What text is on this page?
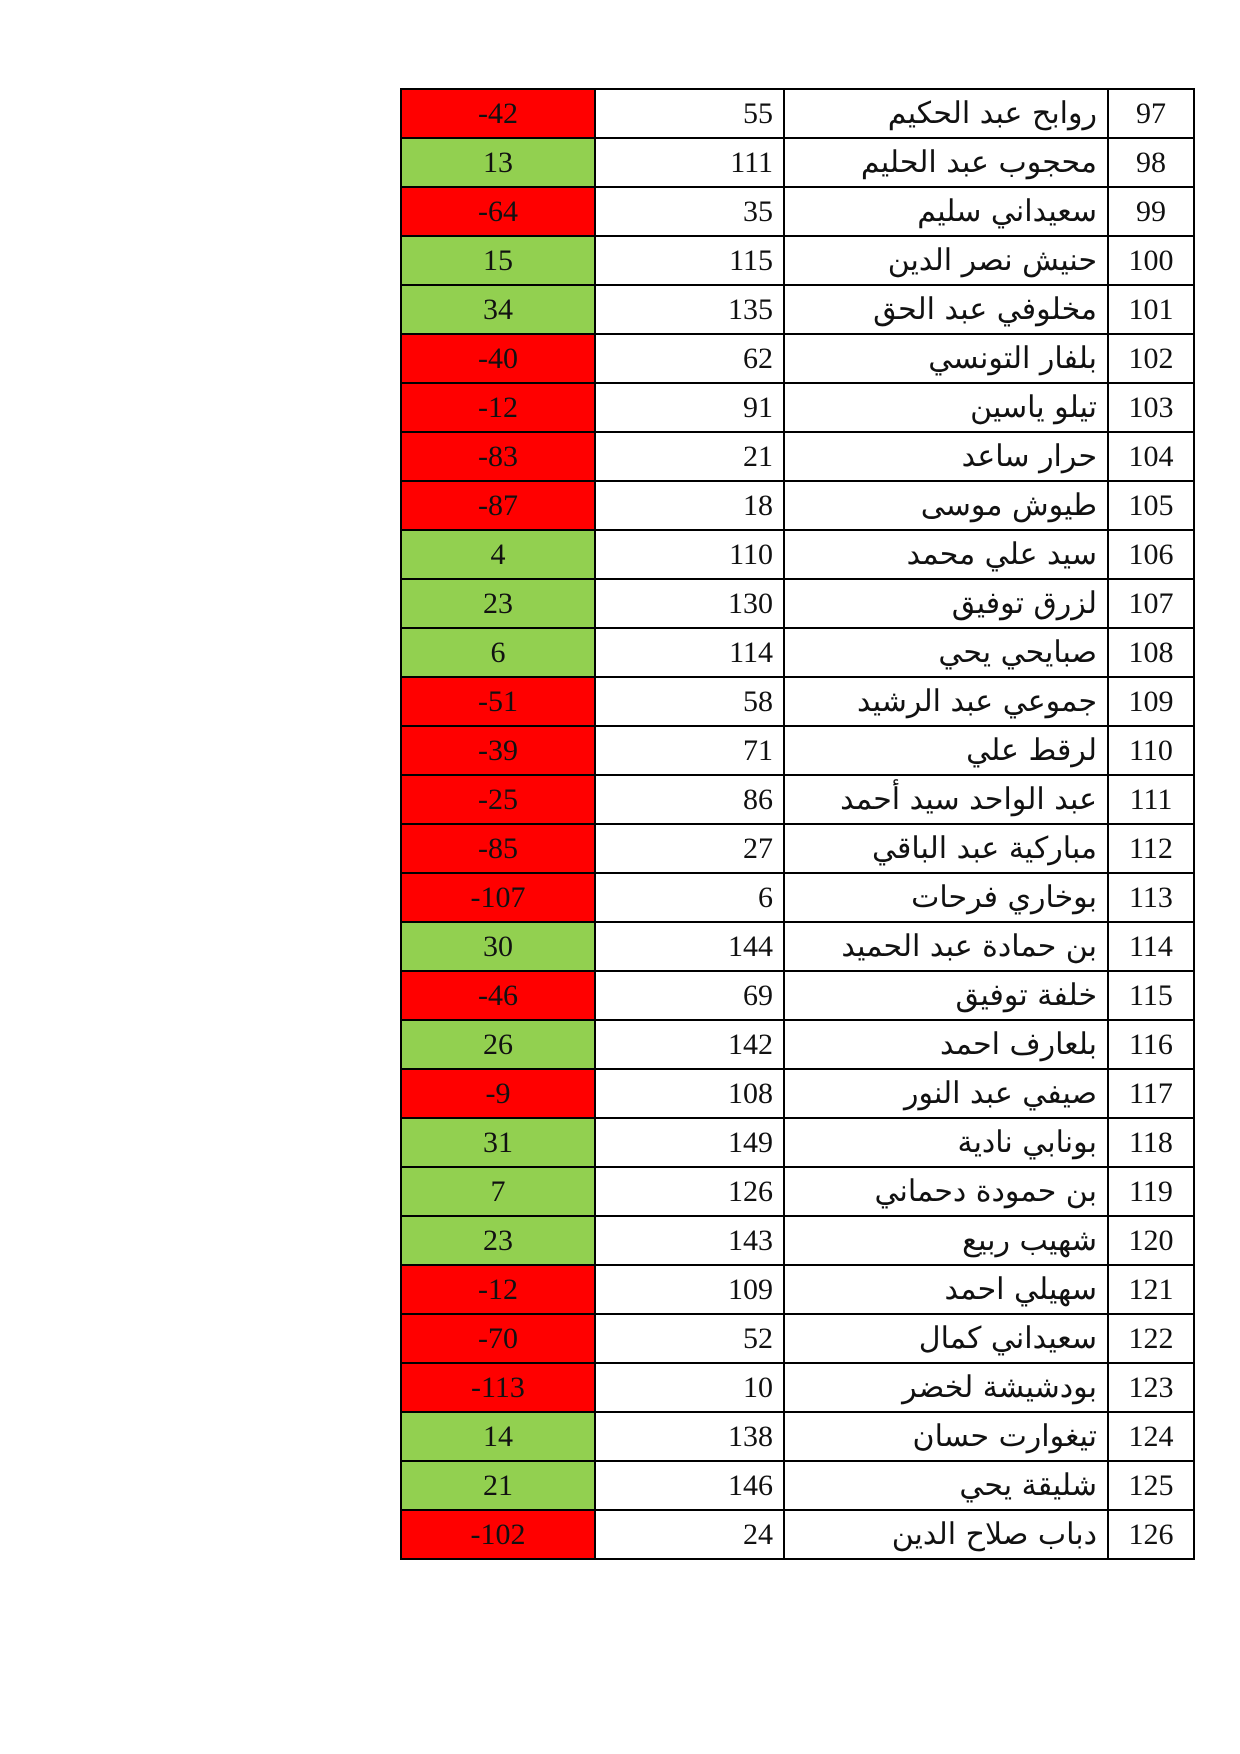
-42	55	روابح عبد الحكيم	97
13	111	محجوب عبد الحليم	98
-64	35	سعيداني سليم	99
15	115	حنيش نصر الدين	100
34	135	مخلوفي عبد الحق	101
-40	62	بلفار التونسي	102
-12	91	تيلو ياسين	103
-83	21	حرار ساعد	104
-87	18	طيوش موسى	105
4	110	سيد علي محمد	106
23	130	لزرق توفيق	107
6	114	صبايحي يحي	108
-51	58	جموعي عبد الرشيد	109
-39	71	لرقط علي	110
-25	86	عبد الواحد سيد أحمد	111
-85	27	مباركية عبد الباقي	112
-107	6	بوخاري فرحات	113
30	144	بن حمادة عبد الحميد	114
-46	69	خلفة توفيق	115
26	142	بلعارف احمد	116
-9	108	صيفي عبد النور	117
31	149	بونابي نادية	118
7	126	بن حمودة دحماني	119
23	143	شهيب ربيع	120
-12	109	سهيلي احمد	121
-70	52	سعيداني كمال	122
-113	10	بودشيشة لخضر	123
14	138	تيغوارت حسان	124
21	146	شليقة يحي	125
-102	24	دباب صلاح الدين	126
